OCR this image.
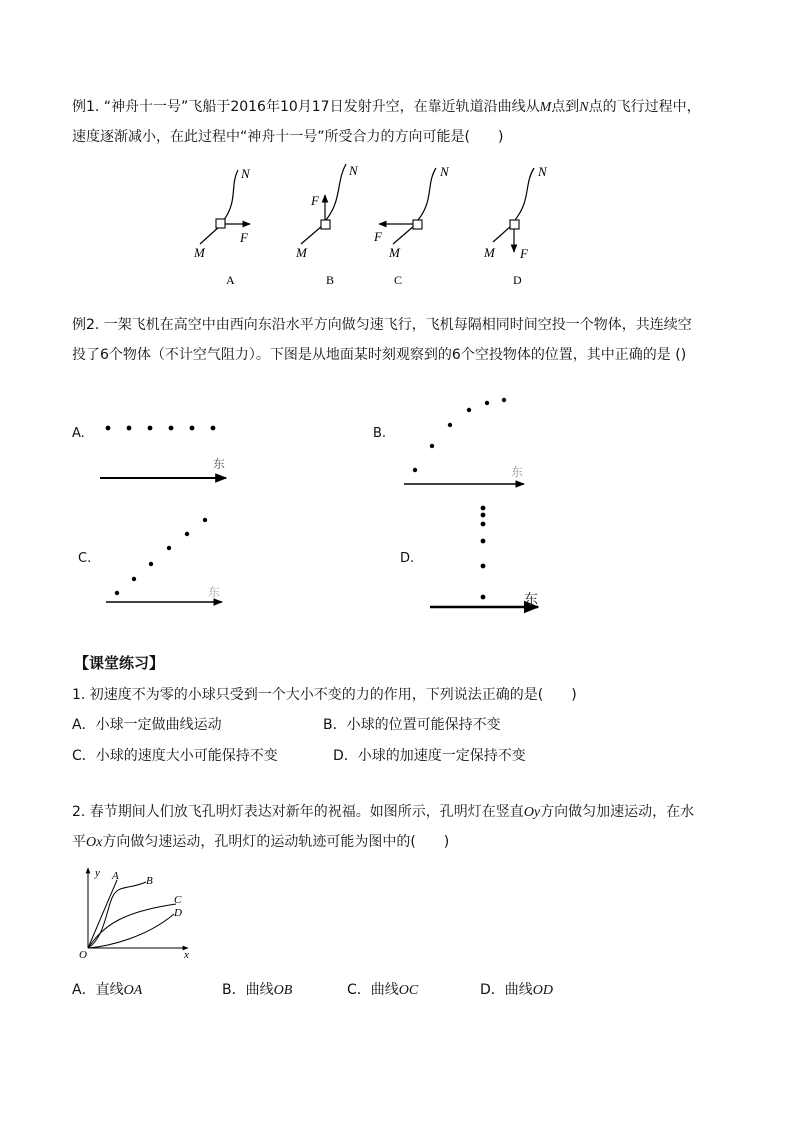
例1. “神舟十一号”飞船于2016年10月17日发射升空，在靠近轨道沿曲线从M点到N点的飞行过程中，
速度逐渐减小，在此过程中“神舟十一号”所受合力的方向可能是(　　)
N
M
F
A
N
M
F
B
N
M
F
C
N
M F
D
东
东
东
东
y
x
O
A B
C
D
例2. 一架飞机在高空中由西向东沿水平方向做匀速飞行，飞机每隔相同时间空投一个物体，共连续空
投了6个物体（不计空气阻力）。下图是从地面某时刻观察到的6个空投物体的位置，其中正确的是 ()
A.	B.
C.	D.
【课堂练习】
1. 初速度不为零的小球只受到一个大小不变的力的作用，下列说法正确的是(　　)
A．小球一定做曲线运动	B．小球的位置可能保持不变
C．小球的速度大小可能保持不变	D．小球的加速度一定保持不变
2. 春节期间人们放飞孔明灯表达对新年的祝福。如图所示，孔明灯在竖直Oy方向做匀加速运动，在水
平Ox方向做匀速运动，孔明灯的运动轨迹可能为图中的(　　)
A．直线OA	B．曲线OB	C．曲线OC	D．曲线OD
